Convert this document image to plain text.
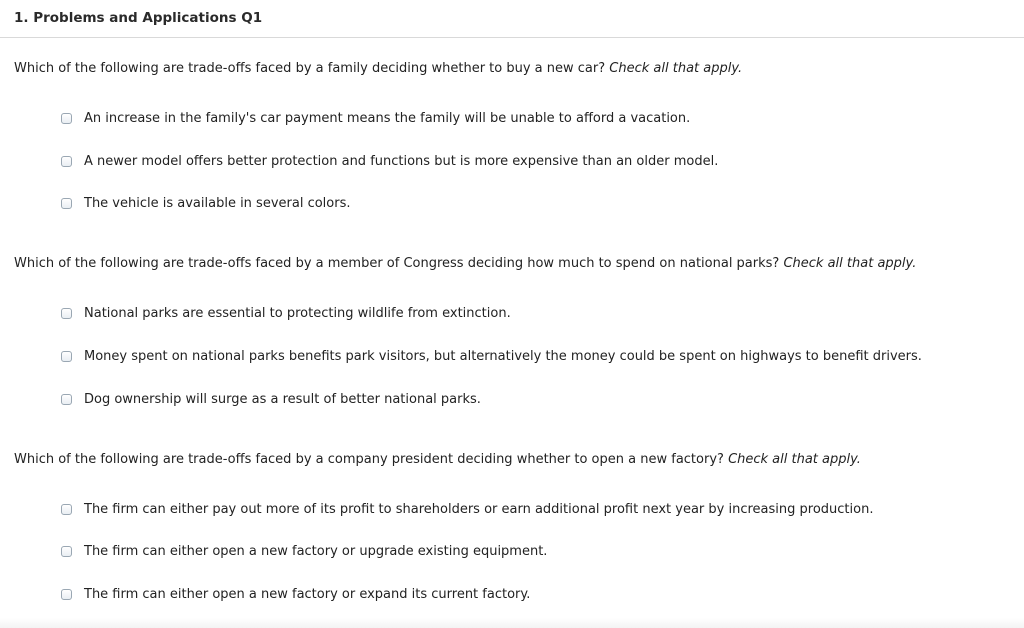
1. Problems and Applications Q1
Which of the following are trade-offs faced by a family deciding whether to buy a new car? Check all that apply.
An increase in the family's car payment means the family will be unable to afford a vacation.
A newer model offers better protection and functions but is more expensive than an older model.
The vehicle is available in several colors.
Which of the following are trade-offs faced by a member of Congress deciding how much to spend on national parks? Check all that apply.
National parks are essential to protecting wildlife from extinction.
Money spent on national parks benefits park visitors, but alternatively the money could be spent on highways to benefit drivers.
Dog ownership will surge as a result of better national parks.
Which of the following are trade-offs faced by a company president deciding whether to open a new factory? Check all that apply.
The firm can either pay out more of its profit to shareholders or earn additional profit next year by increasing production.
The firm can either open a new factory or upgrade existing equipment.
The firm can either open a new factory or expand its current factory.
